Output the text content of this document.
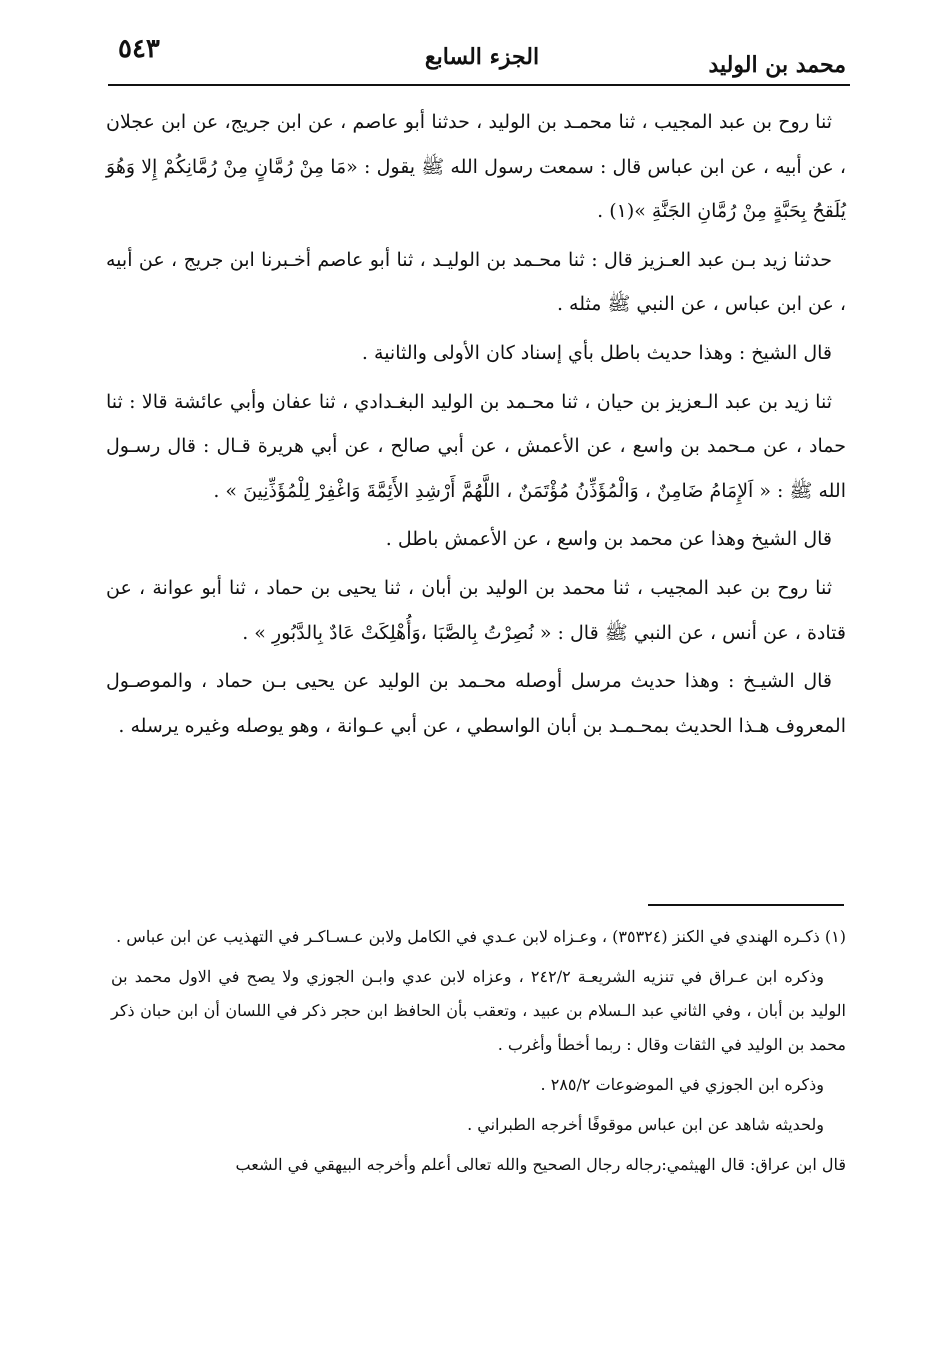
محمد بن الوليد
الجزء السابع
٥٤٣

ثنا روح بن عبد المجيب ، ثنا محمـد بن الوليد ، حدثنا أبو عاصم ، عن ابن جريج، عن ابن عجلان ، عن أبيه ، عن ابن عباس قال : سمعت رسول الله ﷺ يقول : «مَا مِنْ رُمَّانٍ مِنْ رُمَّانِكُمْ إِلا وَهُوَ يُلَقحُ بِحَبَّةٍ مِنْ رُمَّانِ الجَنَّةِ »(١) .

حدثنا زيد بـن عبد العـزيز قال : ثنا محـمد بن الوليـد ، ثنا أبو عاصم أخـبرنا ابن جريج ، عن أبيه ، عن ابن عباس ، عن النبي ﷺ مثله .

قال الشيخ : وهذا حديث باطل بأي إسناد كان الأولى والثانية .

ثنا زيد بن عبد الـعزيز بن حيان ، ثنا محـمد بن الوليد البغـدادي ، ثنا عفان وأبي عائشة قالا : ثنا حماد ، عن مـحمد بن واسع ، عن الأعمش ، عن أبي صالح ، عن أبي هريرة قـال : قال رسـول الله ﷺ : « اَلإِمَامُ ضَامِنٌ ، وَالْمُؤَذِّنُ مُؤْتَمَنٌ ، اللَّهُمَّ أَرْشِدِ الأَئِمَّةَ وَاغْفِرْ لِلْمُؤَذِّنِينَ » .

قال الشيخ وهذا عن محمد بن واسع ، عن الأعمش باطل .

ثنا روح بن عبد المجيب ، ثنا محمد بن الوليد بن أبان ، ثنا يحيى بن حماد ، ثنا أبو عوانة ، عن قتادة ، عن أنس ، عن النبي ﷺ قال : « نُصِرْتُ بِالصَّبَا ،وَأُهْلِكَتْ عَادٌ بِالدَّبُورِ » .

قال الشيـخ : وهذا حديث مرسل أوصله محـمد بن الوليد عن يحيى بـن حماد ، والموصـول المعروف هـذا الحديث بمحـمـد بن أبان الواسطي ، عن أبي عـوانة ، وهو يوصله وغيره يرسله .

(١) ذكـره الهندي في الكنز (٣٥٣٢٤) ، وعـزاه لابن عـدي في الكامل ولابن عـسـاكـر في التهذيب عن ابن عباس .

وذكره ابن عـراق في تنزيه الشريعـة ٢٤٢/٢ ، وعزاه لابن عدي وابـن الجوزي ولا يصح في الاول محمد بن الوليد بن أبان ، وفي الثاني عبد الـسلام بن عبيد ، وتعقب بأن الحافظ ابن حجر ذكر في اللسان أن ابن حبان ذكر محمد بن الوليد في الثقات وقال : ربما أخطأ وأغرب .

وذكره ابن الجوزي في الموضوعات ٢٨٥/٢ .

ولحديثه شاهد عن ابن عباس موقوفًا أخرجه الطبراني .

قال ابن عراق: قال الهيثمي:رجاله رجال الصحيح والله تعالى أعلم وأخرجه البيهقي في الشعب
